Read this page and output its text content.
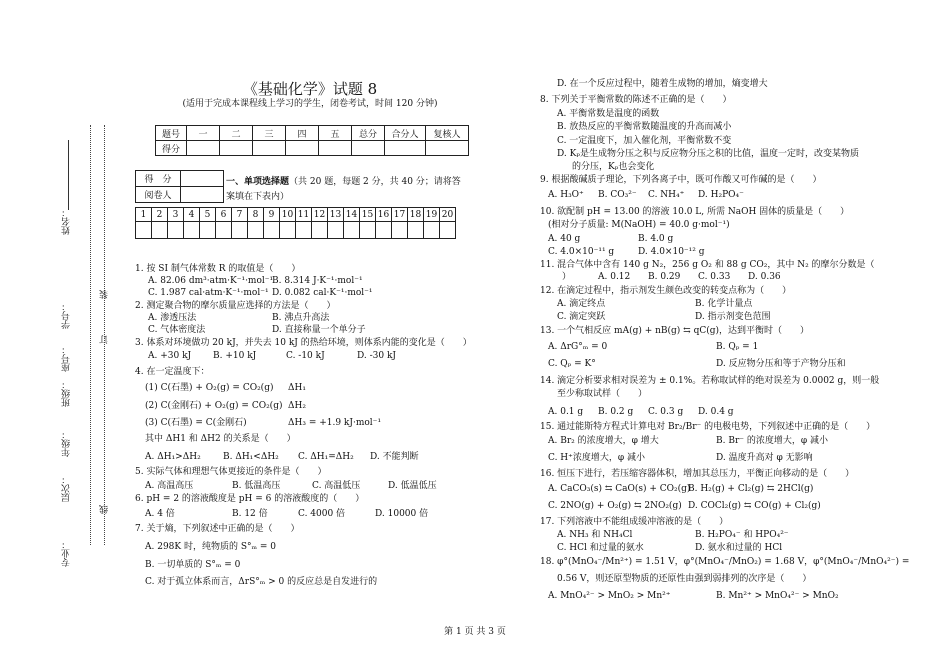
装
订
线
姓名：
学号：
座号：
班级：
年级：
层次：
专业：
《基础化学》试题 8
(适用于完成本课程线上学习的学生，闭卷考试，时间 120 分钟)
题号	一	二	三	四	五	总分	合分人	复核人
得分								
得　分	
阅卷人	
一、单项选择题（共 20 题，每题 2 分，共 40 分；请将答
案填在下表内）
1	2	3	4	5	6	7	8	9	10	11	12	13	14	15	16	17	18	19	20

1. 按 SI 制气体常数 R 的取值是（　　）
A. 82.06 dm³·atm·K⁻¹·mol⁻¹
B. 8.314 J·K⁻¹·mol⁻¹
C. 1.987 cal·atm·K⁻¹·mol⁻¹ D. 0.082 cal·K⁻¹·mol⁻¹
2. 测定聚合物的摩尔质量应选择的方法是（　　）
A. 渗透压法	B. 沸点升高法
C. 气体密度法	D. 直接称量一个单分子
3. 体系对环境做功 20 kJ，并失去 10 kJ 的热给环境，则体系内能的变化是（　　）
A. +30 kJ B. +10 kJ	C. -10 kJ	D. -30 kJ
4. 在一定温度下：
(1) C(石墨) + O₂(g) = CO₂(g) ΔH₁
(2) C(金刚石) + O₂(g) = CO₂(g) ΔH₂
(3) C(石墨) = C(金刚石)	ΔH₃ = +1.9 kJ·mol⁻¹
其中 ΔH1 和 ΔH2 的关系是（　　）
A. ΔH₁>ΔH₂ B. ΔH₁<ΔH₂ C. ΔH₁=ΔH₂ D. 不能判断
5. 实际气体和理想气体更接近的条件是（　　）
A. 高温高压	B. 低温高压	C. 高温低压	D. 低温低压
6. pH = 2 的溶液酸度是 pH = 6 的溶液酸度的（　　）
A. 4 倍	B. 12 倍	C. 4000 倍	D. 10000 倍
7. 关于熵，下列叙述中正确的是（　　）
A. 298K 时，纯物质的 S°ₘ = 0
B. 一切单质的 S°ₘ = 0
C. 对于孤立体系而言，ΔrS°ₘ > 0 的反应总是自发进行的
D. 在一个反应过程中，随着生成物的增加，熵变增大
8. 下列关于平衡常数的陈述不正确的是（　　）
A. 平衡常数是温度的函数
B. 放热反应的平衡常数随温度的升高而减小
C. 一定温度下，加入催化剂，平衡常数不变
D. Kₚ是生成物分压之积与反应物分压之积的比值，温度一定时，改变某物质
的分压，Kₚ也会变化
9. 根据酸碱质子理论，下列各离子中，既可作酸又可作碱的是（　　）
A. H₃O⁺ B. CO₃²⁻ C. NH₄⁺ D. H₂PO₄⁻
10. 欲配制 pH = 13.00 的溶液 10.0 L, 所需 NaOH 固体的质量是（　　）
(相对分子质量: M(NaOH) = 40.0 g·mol⁻¹)
A. 40 g	B. 4.0 g
C. 4.0×10⁻¹¹ g	D. 4.0×10⁻¹² g
11. 混合气体中含有 140 g N₂，256 g O₂ 和 88 g CO₂，其中 N₂ 的摩尔分数是（
）	A. 0.12 B. 0.29 C. 0.33 D. 0.36
12. 在滴定过程中，指示剂发生颜色改变的转变点称为（　　）
A. 滴定终点	B. 化学计量点
C. 滴定突跃	D. 指示剂变色范围
13. 一个气相反应 mA(g) + nB(g) ⇆ qC(g)，达到平衡时（　　）
A. ΔrG°ₘ = 0	B. Qₚ = 1
C. Qₚ = K°	D. 反应物分压和等于产物分压和
14. 滴定分析要求相对误差为 ± 0.1%。若称取试样的绝对误差为 0.0002 g，则一般
至少称取试样（　　）
A. 0.1 g B. 0.2 g C. 0.3 g D. 0.4 g
15. 通过能斯特方程式计算电对 Br₂/Br⁻ 的电极电势，下列叙述中正确的是（　　）
A. Br₂ 的浓度增大，φ 增大	B. Br⁻ 的浓度增大，φ 减小
C. H⁺浓度增大，φ 减小	D. 温度升高对 φ 无影响
16. 恒压下进行，若压缩容器体积，增加其总压力，平衡正向移动的是（　　）
A. CaCO₃(s) ⇆ CaO(s) + CO₂(g)
B. H₂(g) + Cl₂(g) ⇆ 2HCl(g)
C. 2NO(g) + O₂(g) ⇆ 2NO₂(g) D. COCl₂(g) ⇆ CO(g) + Cl₂(g)
17. 下列溶液中不能组成缓冲溶液的是（　　）
A. NH₃ 和 NH₄Cl	B. H₂PO₄⁻ 和 HPO₄²⁻
C. HCl 和过量的氨水	D. 氨水和过量的 HCl
18. φ°(MnO₄⁻/Mn²⁺) = 1.51 V，φ°(MnO₄⁻/MnO₂) = 1.68 V，φ°(MnO₄⁻/MnO₄²⁻) =
0.56 V，则还原型物质的还原性由强到弱排列的次序是（　　）
A. MnO₄²⁻ > MnO₂ > Mn²⁺	B. Mn²⁺ > MnO₄²⁻ > MnO₂
第 1 页 共 3 页
